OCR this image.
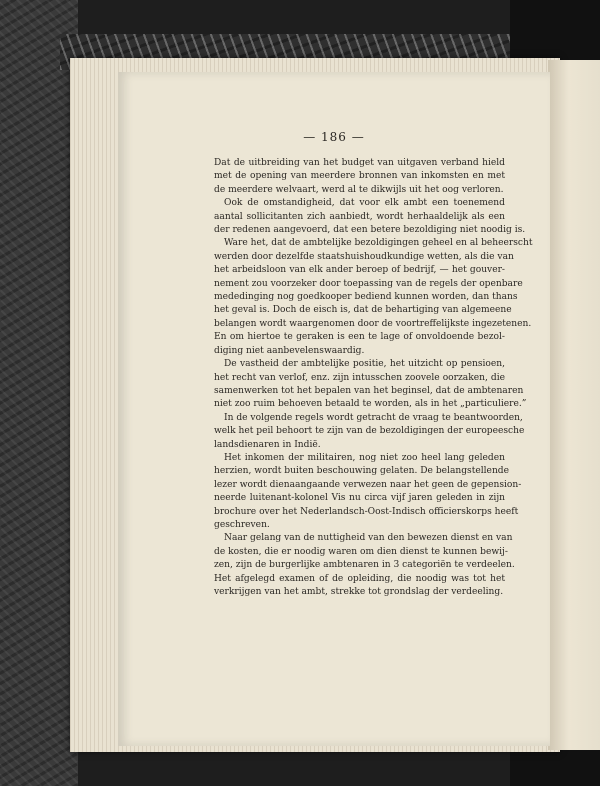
— 186 —
Dat de uitbreiding van het budget van uitgaven verband hield
met de opening van meerdere bronnen van inkomsten en met
de meerdere welvaart, werd al te dikwijls uit het oog verloren.
Ook de omstandigheid, dat voor elk ambt een toenemend
aantal sollicitanten zich aanbiedt, wordt herhaaldelijk als een
der redenen aangevoerd, dat een betere bezoldiging niet noodig is.
Ware het, dat de ambtelijke bezoldigingen geheel en al beheerscht
werden door dezelfde staatshuishoudkundige wetten, als die van
het arbeidsloon van elk ander beroep of bedrijf, — het gouver-
nement zou voorzeker door toepassing van de regels der openbare
mededinging nog goedkooper bediend kunnen worden, dan thans
het geval is. Doch de eisch is, dat de behartiging van algemeene
belangen wordt waargenomen door de voortreffelijkste ingezetenen.
En om hiertoe te geraken is een te lage of onvoldoende bezol-
diging niet aanbevelenswaardig.
De vastheid der ambtelijke positie, het uitzicht op pensioen,
het recht van verlof, enz. zijn intusschen zoovele oorzaken, die
samenwerken tot het bepalen van het beginsel, dat de ambtenaren
niet zoo ruim behoeven betaald te worden, als in het „particuliere.”
In de volgende regels wordt getracht de vraag te beantwoorden,
welk het peil behoort te zijn van de bezoldigingen der europeesche
landsdienaren in Indië.
Het inkomen der militairen, nog niet zoo heel lang geleden
herzien, wordt buiten beschouwing gelaten. De belangstellende
lezer wordt dienaangaande verwezen naar het geen de gepension-
neerde luitenant-kolonel Vis nu circa vijf jaren geleden in zijn
brochure over het Nederlandsch-Oost-Indisch officierskorps heeft
geschreven.
Naar gelang van de nuttigheid van den bewezen dienst en van
de kosten, die er noodig waren om dien dienst te kunnen bewij-
zen, zijn de burgerlijke ambtenaren in 3 categoriën te verdeelen.
Het afgelegd examen of de opleiding, die noodig was tot het
verkrijgen van het ambt, strekke tot grondslag der verdeeling.
